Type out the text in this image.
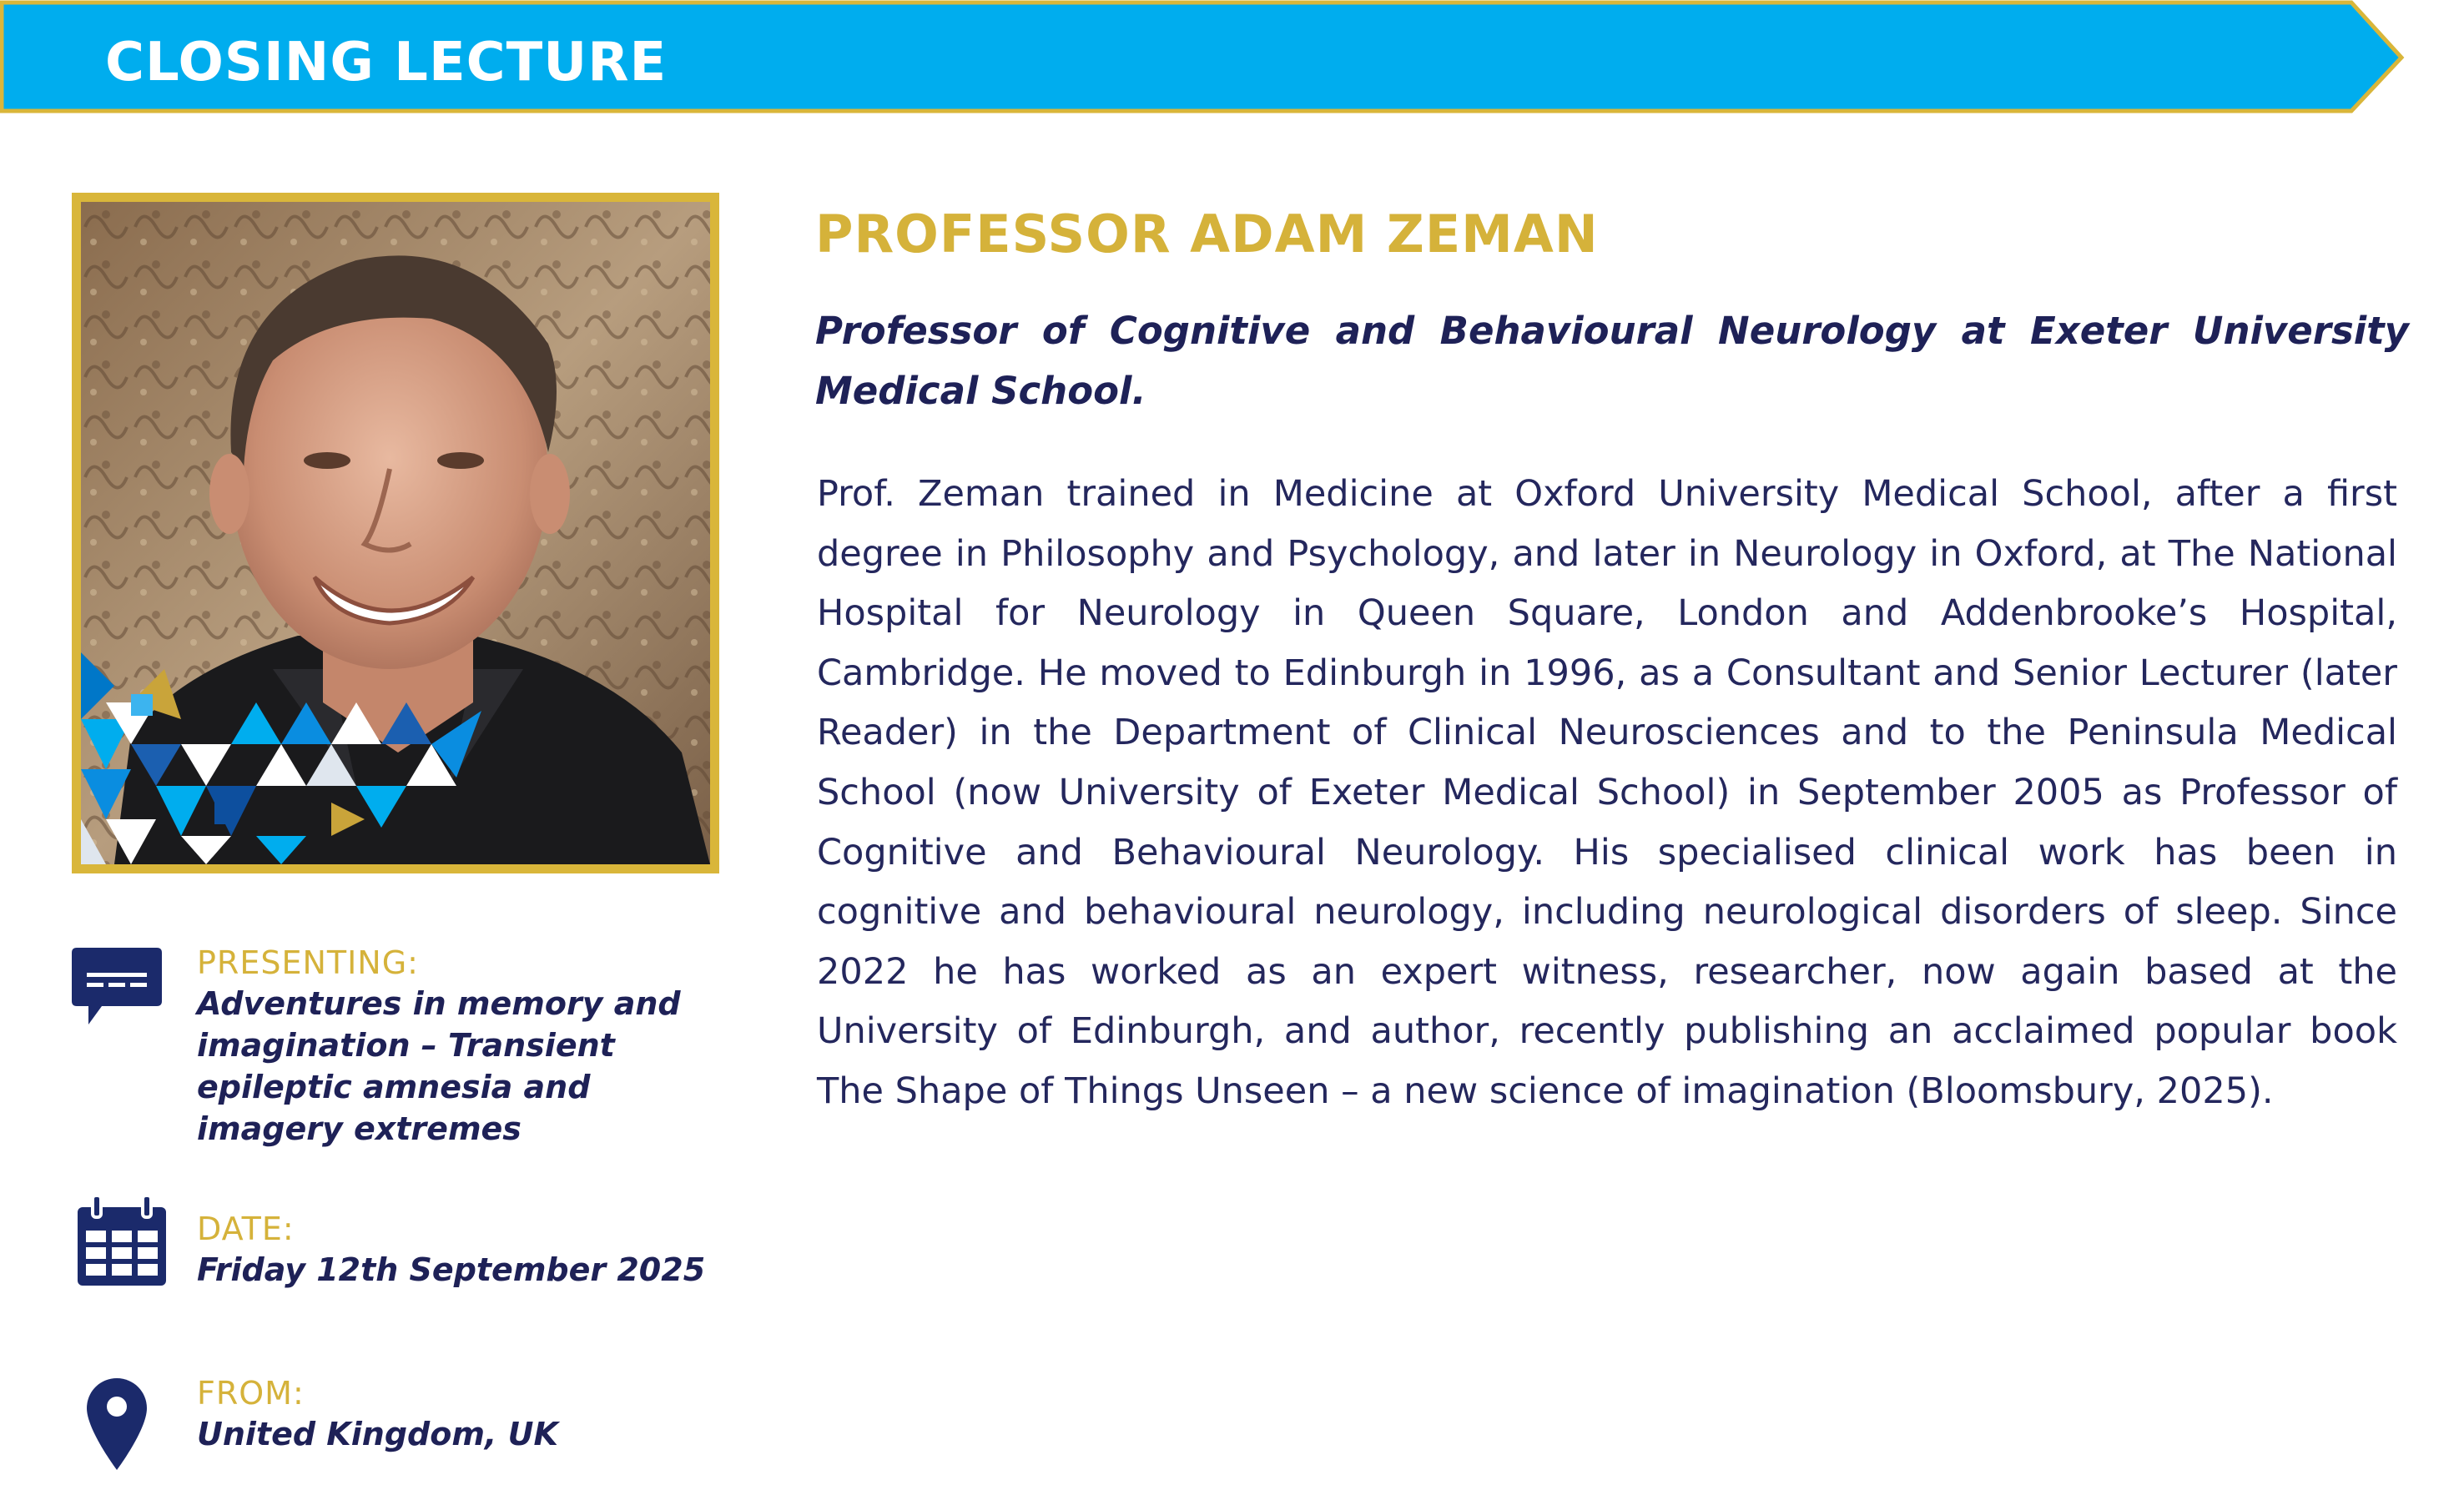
CLOSING LECTURE
PROFESSOR ADAM ZEMAN

Professor of Cognitive and Behavioural Neurology at Exeter University Medical School.

Prof. Zeman trained in Medicine at Oxford University Medical School, after a first degree in Philosophy and Psychology, and later in Neurology in Oxford, at The National Hospital for Neurology in Queen Square, London and Addenbrooke’s Hospital, Cambridge. He moved to Edinburgh in 1996, as a Consultant and Senior Lecturer (later Reader) in the Department of Clinical Neurosciences and to the Peninsula Medical School (now University of Exeter Medical School) in September 2005 as Professor of Cognitive and Behavioural Neurology. His specialised clinical work has been in cognitive and behavioural neurology, including neurological disorders of sleep. Since 2022 he has worked as an expert witness, researcher, now again based at the University of Edinburgh, and author, recently publishing an acclaimed popular book The Shape of Things Unseen – a new science of imagination (Bloomsbury, 2025).

PRESENTING:

Adventures in memory and imagination – Transient epileptic amnesia and imagery extremes

DATE:

Friday 12th September 2025

FROM:

United Kingdom, UK
